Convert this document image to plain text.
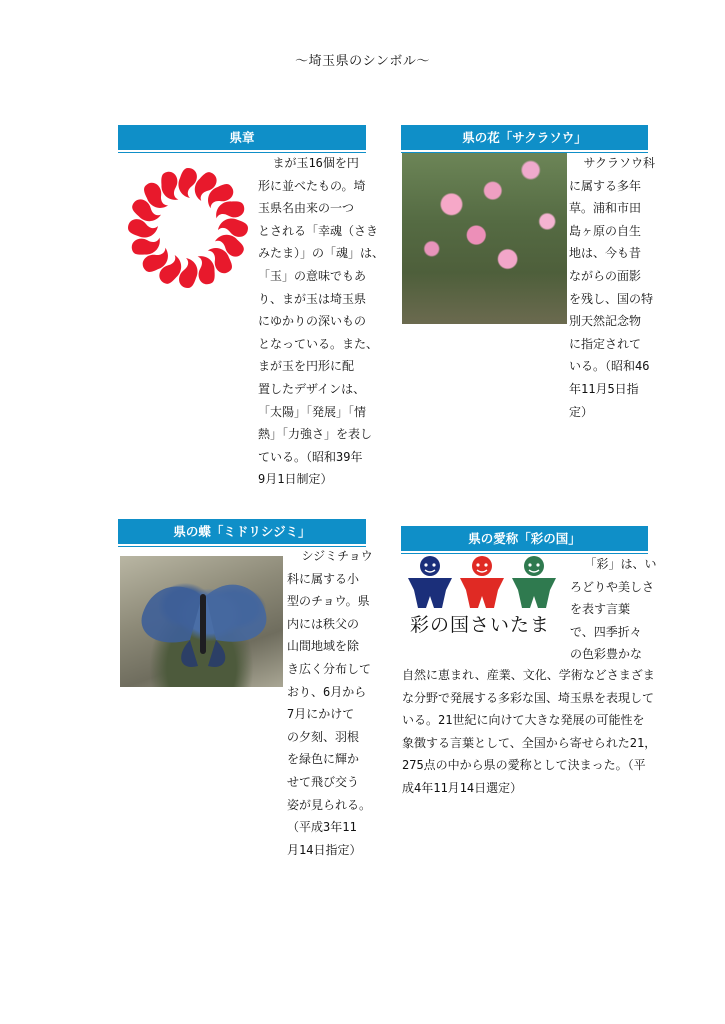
〜埼玉県のシンボル〜
県章
まが玉16個を円
形に並べたもの。埼
玉県名由来の一つ
とされる「幸魂（さき
みたま）」の「魂」は、
「玉」の意味でもあ
り、まが玉は埼玉県
にゆかりの深いもの
となっている。また、
まが玉を円形に配
置したデザインは、
「太陽」「発展」「情
熱」「力強さ」を表し
ている。（昭和39年
9月1日制定）
県の花「サクラソウ」
サクラソウ科
に属する多年
草。浦和市田
島ヶ原の自生
地は、今も昔
ながらの面影
を残し、国の特
別天然記念物
に指定されて
いる。（昭和46
年11月5日指
定）
県の蝶「ミドリシジミ」
シジミチョウ
科に属する小
型のチョウ。県
内には秩父の
山間地域を除
き広く分布して
おり、6月から
7月にかけて
の夕刻、羽根
を緑色に輝か
せて飛び交う
姿が見られる。
（平成3年11
月14日指定）
県の愛称「彩の国」
彩の国さいたま
「彩」は、い
ろどりや美しさ
を表す言葉
で、四季折々
の色彩豊かな
自然に恵まれ、産業、文化、学術などさまざま
な分野で発展する多彩な国、埼玉県を表現して
いる。21世紀に向けて大きな発展の可能性を
象徴する言葉として、全国から寄せられた21，
275点の中から県の愛称として決まった。（平
成4年11月14日選定）
